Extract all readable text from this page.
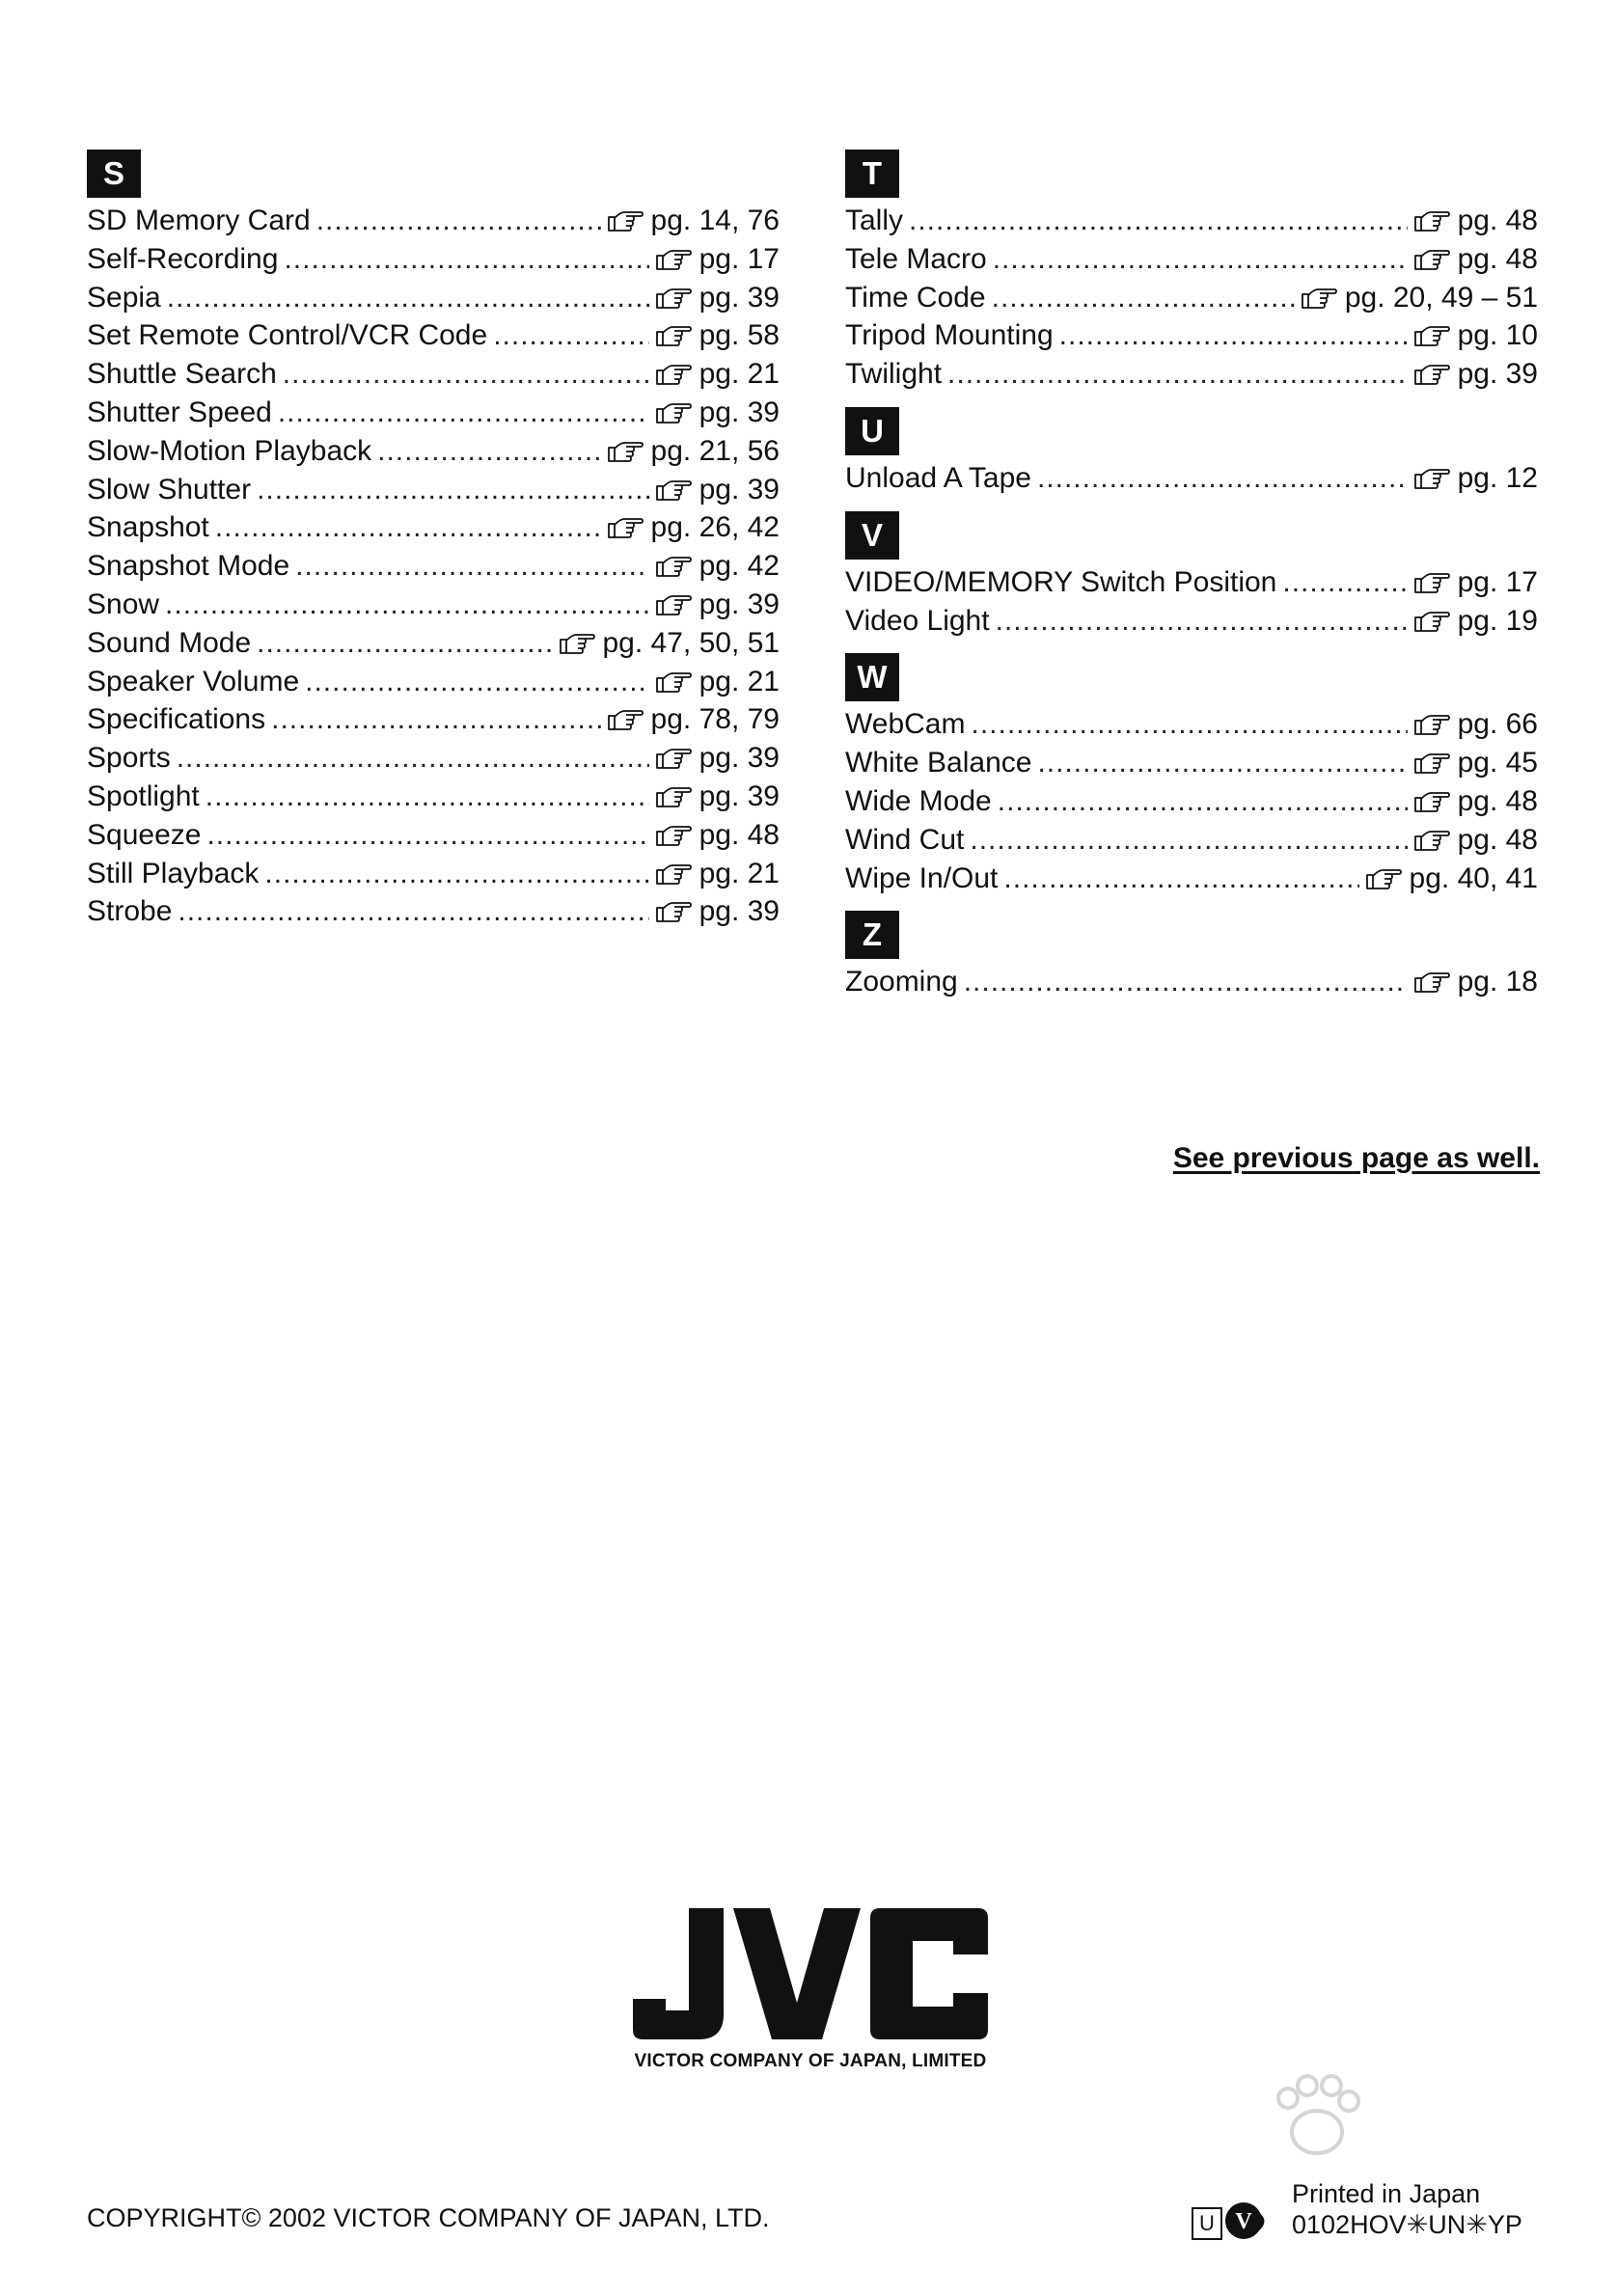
S
SD Memory Card .....	pg. 14, 76
Self-Recording .....	pg. 17
Sepia .....	pg. 39
Set Remote Control/VCR Code .....	pg. 58
Shuttle Search .....	pg. 21
Shutter Speed .....	pg. 39
Slow-Motion Playback .....	pg. 21, 56
Slow Shutter .....	pg. 39
Snapshot .....	pg. 26, 42
Snapshot Mode .....	pg. 42
Snow .....	pg. 39
Sound Mode .....	pg. 47, 50, 51
Speaker Volume .....	pg. 21
Specifications .....	pg. 78, 79
Sports .....	pg. 39
Spotlight .....	pg. 39
Squeeze .....	pg. 48
Still Playback .....	pg. 21
Strobe .....	pg. 39
T
Tally .....	pg. 48
Tele Macro .....	pg. 48
Time Code .....	pg. 20, 49 – 51
Tripod Mounting .....	pg. 10
Twilight .....	pg. 39
U
Unload A Tape .....	pg. 12
V
VIDEO/MEMORY Switch Position .....	pg. 17
Video Light .....	pg. 19
W
WebCam .....	pg. 66
White Balance .....	pg. 45
Wide Mode .....	pg. 48
Wind Cut .....	pg. 48
Wipe In/Out .....	pg. 40, 41
Z
Zooming .....	pg. 18
See previous page as well.
VICTOR COMPANY OF JAPAN, LIMITED
COPYRIGHT© 2002 VICTOR COMPANY OF JAPAN, LTD.	U V
Printed in Japan
0102HOV✳UN✳YP
